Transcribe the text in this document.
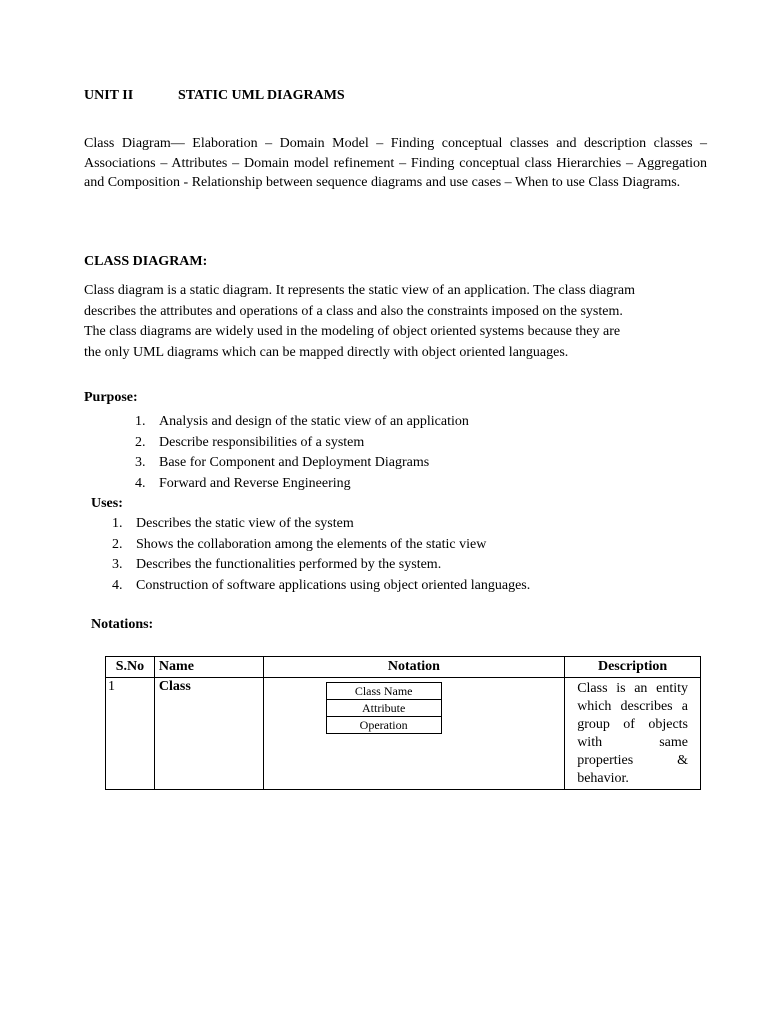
UNIT II	STATIC UML DIAGRAMS
Class Diagram— Elaboration – Domain Model – Finding conceptual classes and description classes – Associations – Attributes – Domain model refinement – Finding conceptual class Hierarchies – Aggregation and Composition - Relationship between sequence diagrams and use cases – When to use Class Diagrams.
CLASS DIAGRAM:
Class diagram is a static diagram. It represents the static view of an application. The class diagram
describes the attributes and operations of a class and also the constraints imposed on the system.
The class diagrams are widely used in the modeling of object oriented systems because they are
the only UML diagrams which can be mapped directly with object oriented languages.
Purpose:
1. Analysis and design of the static view of an application
2. Describe responsibilities of a system
3. Base for Component and Deployment Diagrams
4. Forward and Reverse Engineering
Uses:
1. Describes the static view of the system
2. Shows the collaboration among the elements of the static view
3. Describes the functionalities performed by the system.
4. Construction of software applications using object oriented languages.
Notations:
S.No	Name	Notation	Description
1	Class	Class Name
Attribute
Operation	Class is an entity which describes a group of objects with same properties & behavior.
